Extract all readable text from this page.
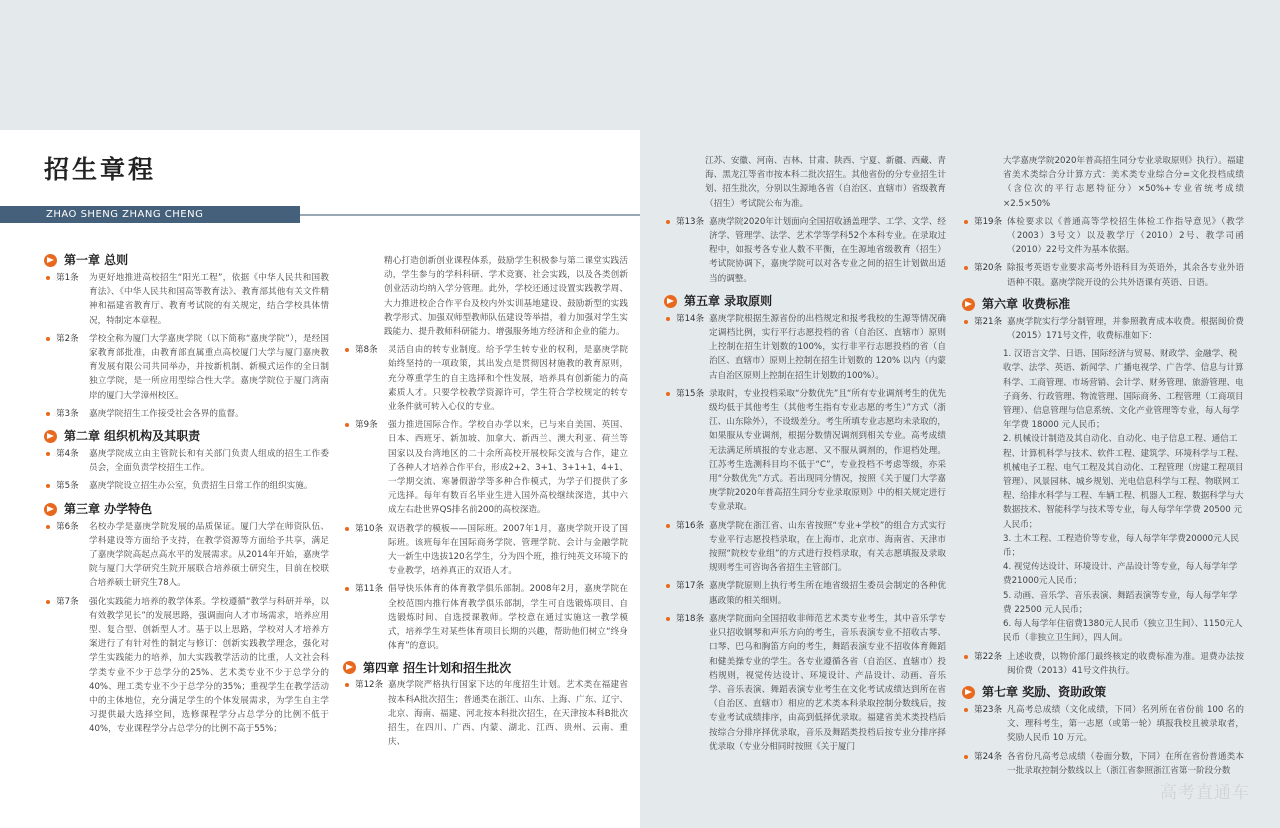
招生章程
ZHAO SHENG ZHANG CHENG
第一章 总则
第1条	为更好地推进高校招生“阳光工程”，依据《中华人民共和国教育法》、《中华人民共和国高等教育法》、教育部其他有关文件精神和福建省教育厅、教育考试院的有关规定，结合学校具体情况，特制定本章程。
第2条	学校全称为厦门大学嘉庚学院（以下简称“嘉庚学院”），是经国家教育部批准，由教育部直属重点高校厦门大学与厦门嘉庚教育发展有限公司共同举办，并按新机制、新模式运作的全日制独立学院，是一所应用型综合性大学。嘉庚学院位于厦门湾南岸的厦门大学漳州校区。
第3条	嘉庚学院招生工作接受社会各界的监督。
第二章 组织机构及其职责
第4条	嘉庚学院成立由主管院长和有关部门负责人组成的招生工作委员会，全面负责学校招生工作。
第5条	嘉庚学院设立招生办公室，负责招生日常工作的组织实施。
第三章 办学特色
第6条	名校办学是嘉庚学院发展的品质保证。厦门大学在师资队伍、学科建设等方面给予支持，在教学资源等方面给予共享，满足了嘉庚学院高起点高水平的发展需求。从2014年开始，嘉庚学院与厦门大学研究生院开展联合培养硕士研究生，目前在校联合培养硕士研究生78人。
第7条	强化实践能力培养的教学体系。学校遵循“教学与科研并举，以有效教学见长”的发展思路，强调面向人才市场需求，培养应用型、复合型、创新型人才。基于以上思路，学校对人才培养方案进行了有针对性的制定与修订：创新实践教学理念，强化对学生实践能力的培养，加大实践教学活动的比重，人文社会科学类专业不少于总学分的25%、艺术类专业不少于总学分的40%、理工类专业不少于总学分的35%；重视学生在教学活动中的主体地位，充分满足学生的个体发展需求，为学生自主学习提供最大选择空间，选修课程学分占总学分的比例不低于40%，专业课程学分占总学分的比例不高于55%；
精心打造创新创业课程体系，鼓励学生积极参与第二课堂实践活动，学生参与的学科科研、学术竞赛、社会实践，以及各类创新创业活动均纳入学分管理。此外，学校还通过设置实践教学周、大力推进校企合作平台及校内外实训基地建设、鼓励新型的实践教学形式、加强双师型教师队伍建设等举措，着力加强对学生实践能力、提升教师科研能力、增强服务地方经济和企业的能力。
第8条	灵活自由的转专业制度。给予学生转专业的权利，是嘉庚学院始终坚持的一项政策，其出发点是贯彻因材施教的教育原则，充分尊重学生的自主选择和个性发展，培养具有创新能力的高素质人才。只要学校教学资源许可，学生符合学校规定的转专业条件就可转入心仪的专业。
第9条	强力推进国际合作。学校自办学以来，已与来自美国、英国、日本、西班牙、新加坡、加拿大、新西兰、澳大利亚、荷兰等国家以及台湾地区的二十余所高校开展校际交流与合作，建立了各种人才培养合作平台，形成2+2、3+1、3+1+1、4+1、一学期交流、寒暑假游学等多种合作模式，为学子们提供了多元选择。每年有数百名毕业生进入国外高校继续深造，其中六成左右赴世界QS排名前200的高校深造。
第10条 双语教学的模板——国际班。2007年1月，嘉庚学院开设了国际班。该班每年在国际商务学院、管理学院、会计与金融学院大一新生中选拔120名学生，分为四个班，推行纯英文环境下的专业教学，培养真正的双语人才。
第11条 倡导快乐体育的体育教学俱乐部制。2008年2月，嘉庚学院在全校范围内推行体育教学俱乐部制，学生可自选锻炼项目、自选锻炼时间、自选授课教师。学校意在通过实施这一教学模式，培养学生对某些体育项目长期的兴趣，帮助他们树立“终身体育”的意识。
第四章 招生计划和招生批次
第12条 嘉庚学院严格执行国家下达的年度招生计划。艺术类在福建省按本科A批次招生；普通类在浙江、山东、上海、广东、辽宁、北京、海南、福建、河北按本科批次招生，在天津按本科B批次招生，在四川、广西、内蒙、湖北、江西、贵州、云南、重庆、
江苏、安徽、河南、吉林、甘肃、陕西、宁夏、新疆、西藏、青海、黑龙江等省市按本科二批次招生。其他省份的分专业招生计划、招生批次，分别以生源地各省（自治区、直辖市）省级教育（招生）考试院公布为准。
第13条 嘉庚学院2020年计划面向全国招收涵盖理学、工学、文学、经济学、管理学、法学、艺术学等学科52个本科专业。在录取过程中，如报考各专业人数不平衡，在生源地省级教育（招生）考试院协调下，嘉庚学院可以对各专业之间的招生计划做出适当的调整。
第五章 录取原则
第14条 嘉庚学院根据生源省份的出档规定和报考我校的生源等情况确定调档比例，实行平行志愿投档的省（自治区、直辖市）原则上控制在招生计划数的100%，实行非平行志愿投档的省（自治区、直辖市）原则上控制在招生计划数的 120% 以内（内蒙古自治区原则上控制在招生计划数的100%）。
第15条 录取时，专业投档采取“分数优先”且“所有专业调剂考生的优先级均低于其他考生（其他考生指有专业志愿的考生）”方式（浙江、山东除外），不设级差分。考生所填专业志愿均未录取的，如果服从专业调剂，根据分数情况调剂到相关专业。高考成绩无法满足所填报的专业志愿、又不服从调剂的，作退档处理。江苏考生选测科目均不低于“C”，专业投档不考虑等级，亦采用“分数优先”方式。若出现同分情况，按照《关于厦门大学嘉庚学院2020年普高招生同分专业录取原则》中的相关规定进行专业录取。
第16条 嘉庚学院在浙江省、山东省按照“专业+学校”的组合方式实行专业平行志愿投档录取，在上海市、北京市、海南省、天津市按照“院校专业组”的方式进行投档录取，有关志愿填报及录取规则考生可咨询各省招生主管部门。
第17条 嘉庚学院原则上执行考生所在地省级招生委员会制定的各种优惠政策的相关细则。
第18条 嘉庚学院面向全国招收非师范艺术类专业考生，其中音乐学专业只招收钢琴和声乐方向的考生，音乐表演专业不招收古琴、口琴、巴乌和胸笛方向的考生，舞蹈表演专业不招收体育舞蹈和健美操专业的学生。各专业遵循各省（自治区、直辖市）投档规则，视觉传达设计、环境设计、产品设计、动画、音乐学、音乐表演、舞蹈表演专业考生在文化考试成绩达到所在省（自治区、直辖市）相应的艺术类本科录取控制分数线后，按专业考试成绩排序，由高到低择优录取。福建省美术类投档后按综合分排序择优录取，音乐及舞蹈类投档后按专业分排序择优录取（专业分相同时按照《关于厦门
大学嘉庚学院2020年普高招生同分专业录取原则》执行）。福建省美术类综合分计算方式：美术类专业综合分=文化投档成绩（含位次的平行志愿特征分）×50%+专业省统考成绩×2.5×50%
第19条 体检要求以《普通高等学校招生体检工作指导意见》（教学（2003）3号文）以及教学厅（2010）2号、教学司函（2010）22号文件为基本依据。
第20条 除报考英语专业要求高考外语科目为英语外，其余各专业外语语种不限。嘉庚学院开设的公共外语课有英语、日语。
第六章 收费标准
第21条 嘉庚学院实行学分制管理，并参照教育成本收费。根据闽价费（2015）171号文件，收费标准如下：
1. 汉语言文学、日语、国际经济与贸易、财政学、金融学、税收学、法学、英语、新闻学、广播电视学、广告学、信息与计算科学、工商管理、市场营销、会计学、财务管理、旅游管理、电子商务、行政管理、物流管理、国际商务、工程管理（工商项目管理）、信息管理与信息系统、文化产业管理等专业，每人每学年学费 18000 元人民币；
2. 机械设计制造及其自动化、自动化、电子信息工程、通信工程、计算机科学与技术、软件工程、建筑学、环境科学与工程、机械电子工程、电气工程及其自动化、工程管理（房建工程项目管理）、风景园林、城乡规划、光电信息科学与工程、物联网工程、给排水科学与工程、车辆工程、机器人工程、数据科学与大数据技术、智能科学与技术等专业，每人每学年学费 20500 元人民币；
3. 土木工程、工程造价等专业，每人每学年学费20000元人民币；
4. 视觉传达设计、环境设计、产品设计等专业，每人每学年学费21000元人民币；
5. 动画、音乐学、音乐表演、舞蹈表演等专业，每人每学年学费 22500 元人民币；
6. 每人每学年住宿费1380元人民币（独立卫生间）、1150元人民币（非独立卫生间），四人间。
第22条 上述收费，以物价部门最终核定的收费标准为准。退费办法按闽价费（2013）41号文件执行。
第七章 奖励、资助政策
第23条 凡高考总成绩（文化成绩，下同）名列所在省份前 100 名的文、理科考生，第一志愿（或第一轮）填报我校且被录取者，奖励人民币 10 万元。
第24条 各省份凡高考总成绩（卷面分数，下同）在所在省份普通类本一批录取控制分数线以上（浙江省参照浙江省第一阶段分数
高考直通车
